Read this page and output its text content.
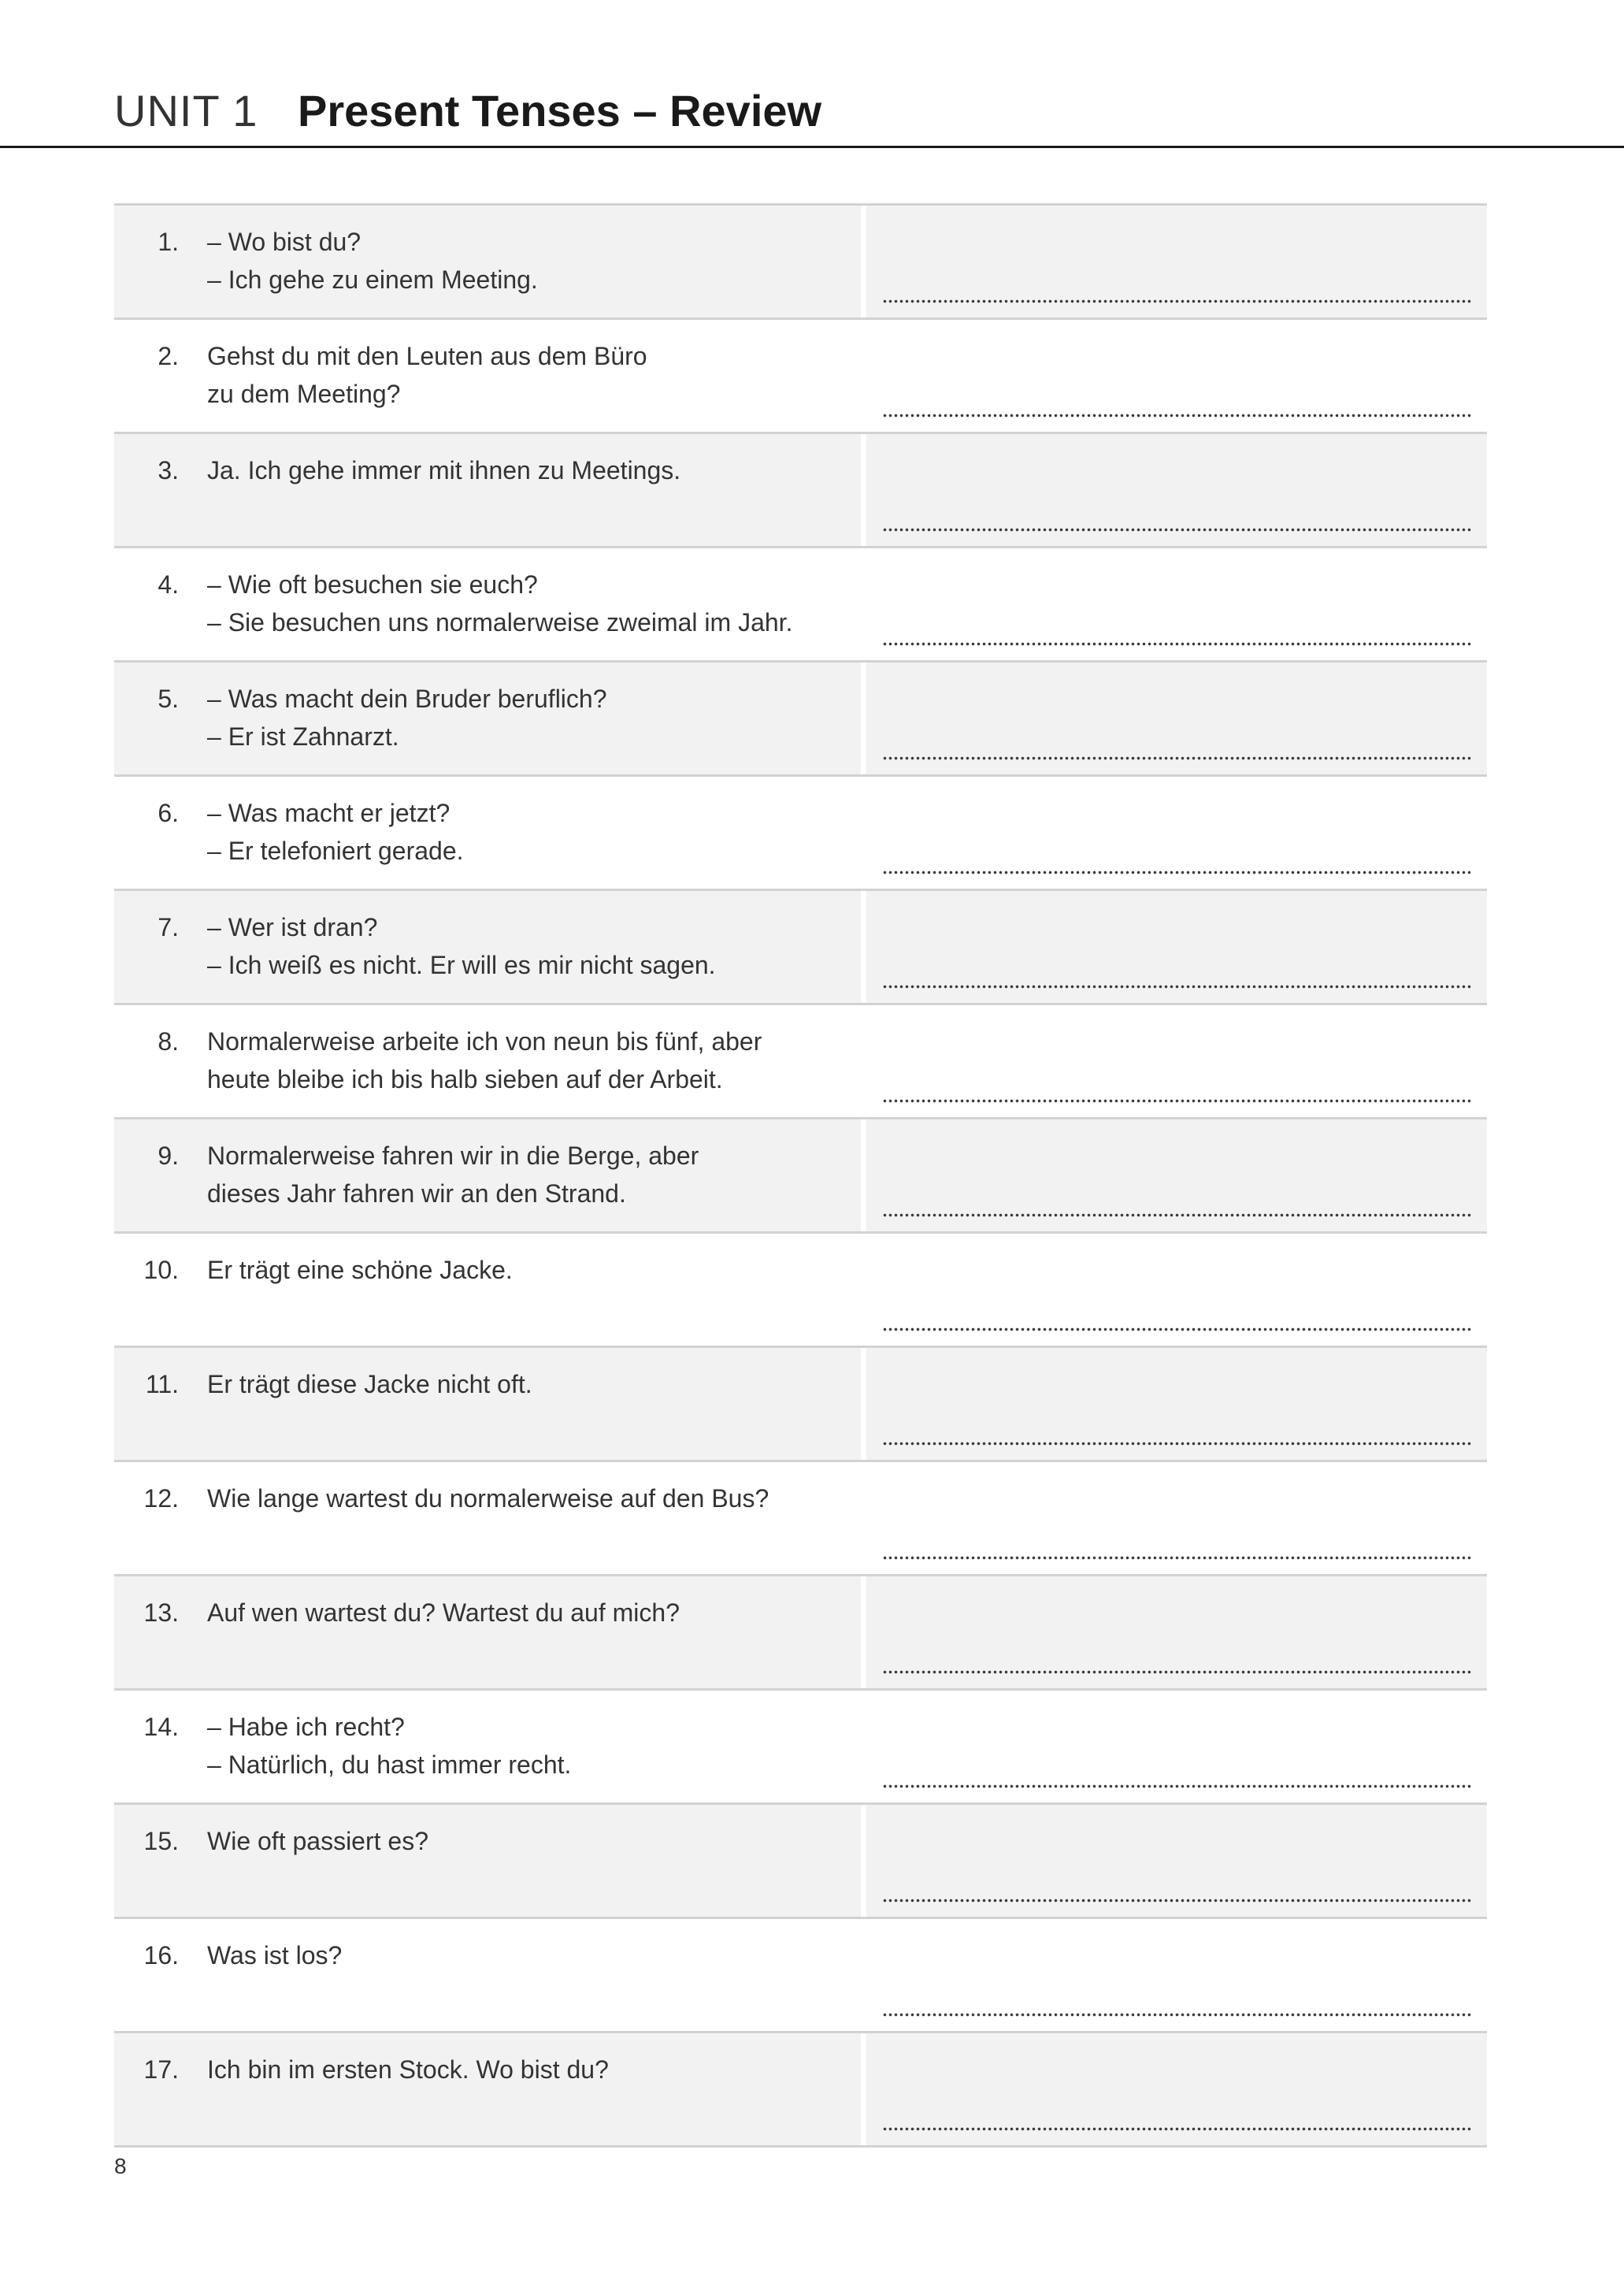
UNIT 1 Present Tenses – Review
1. – Wo bist du?
– Ich gehe zu einem Meeting.
2. Gehst du mit den Leuten aus dem Büro
zu dem Meeting?
3. Ja. Ich gehe immer mit ihnen zu Meetings.
4. – Wie oft besuchen sie euch?
– Sie besuchen uns normalerweise zweimal im Jahr.
5. – Was macht dein Bruder beruflich?
– Er ist Zahnarzt.
6. – Was macht er jetzt?
– Er telefoniert gerade.
7. – Wer ist dran?
– Ich weiß es nicht. Er will es mir nicht sagen.
8. Normalerweise arbeite ich von neun bis fünf, aber
heute bleibe ich bis halb sieben auf der Arbeit.
9. Normalerweise fahren wir in die Berge, aber
dieses Jahr fahren wir an den Strand.
10. Er trägt eine schöne Jacke.
11. Er trägt diese Jacke nicht oft.
12. Wie lange wartest du normalerweise auf den Bus?
13. Auf wen wartest du? Wartest du auf mich?
14. – Habe ich recht?
– Natürlich, du hast immer recht.
15. Wie oft passiert es?
16. Was ist los?
17. Ich bin im ersten Stock. Wo bist du?
8
